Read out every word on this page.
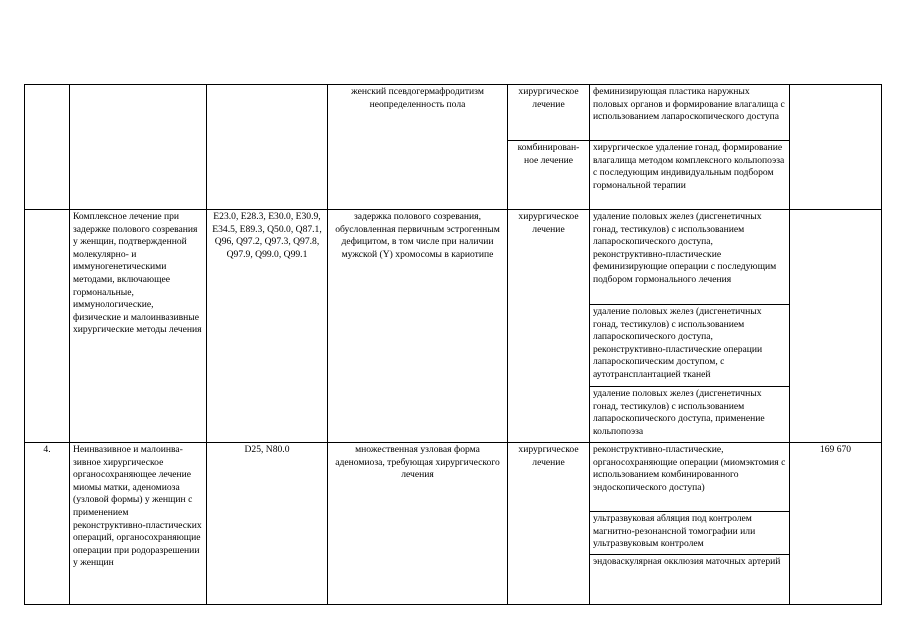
			женский псевдогермафродитизм неопределенность пола	хирургическое лечение	феминизирующая пластика наружных половых органов и формирование влагалища с использованием лапароскопического доступа	
				комбинирован-ное лечение	хирургическое удаление гонад, формирование влагалища методом комплексного кольпопоэза с последующим индивидуальным подбором гормональной терапии	
	Комплексное лечение при задержке полового созревания у женщин, подтвержденной молекулярно- и иммуногенетическими методами, включающее гормональные, иммунологические, физические и малоинвазивные хирургические методы лечения	E23.0, E28.3, E30.0, E30.9, E34.5, E89.3, Q50.0, Q87.1, Q96, Q97.2, Q97.3, Q97.8, Q97.9, Q99.0, Q99.1	задержка полового созревания, обусловленная первичным эстрогенным дефицитом, в том числе при наличии мужской (Y) хромосомы в кариотипе	хирургическое лечение	удаление половых желез (дисгенетичных гонад, тестикулов) с использованием лапароскопического доступа, реконструктивно-пластические феминизирующие операции с последующим подбором гормонального лечения	
					удаление половых желез (дисгенетичных гонад, тестикулов) с использованием лапароскопического доступа, реконструктивно-пластические операции лапароскопическим доступом, с аутотрансплантацией тканей	
					удаление половых желез (дисгенетичных гонад, тестикулов) с использованием лапароскопического доступа, применение кольпопоэза	
4.	Неинвазивное и малоинва-зивное хирургическое органосохраняющее лечение миомы матки, аденомиоза (узловой формы) у женщин с применением реконструктивно-пластических операций, органосохраняющие операции при родоразрешении у женщин	D25, N80.0	множественная узловая форма аденомиоза, требующая хирургического лечения	хирургическое лечение	реконструктивно-пластические, органосохраняющие операции (миомэктомия с использованием комбинированного эндоскопического доступа)	169 670
					ультразвуковая абляция под контролем магнитно-резонансной томографии или ультразвуковым контролем	
					эндоваскулярная окклюзия маточных артерий	
